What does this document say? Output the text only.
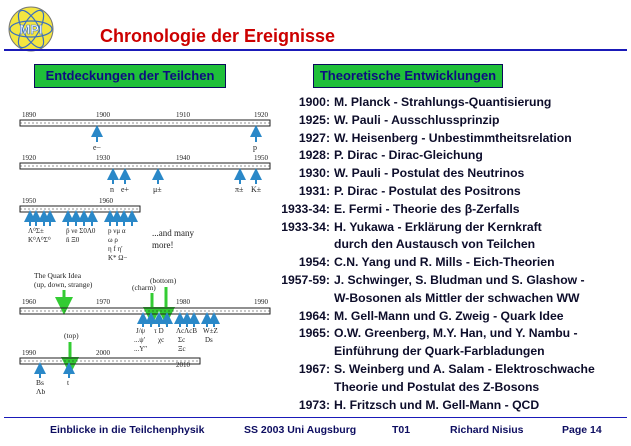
MPI	Chronologie der Ereignisse
Entdeckungen der Teilchen	Theoretische Entwicklungen
1890	1900	1910	1920
e−	p
1920	1930	1940	1950
n e+	μ±	π± K±
1950	1960
Λ⁰Σ±
K⁰Λ⁰Σ⁰
p̄ νe Σ0Λ0
n̄ Ξ0
p νμ α
ω ρ
η f η′
K* Ω−
...and many
more!
The Quark Idea
(up, down, strange)	(bottom)
(charm)
1960	1970	1980	1990
J/ψ τ D ΛcΛcB W±Z
...ψ′ χc Σc	Ds
...Υ′′	Ξc
(top)
1990	2000
2010
Bs
Λb
t
1900: M. Planck - Strahlungs-Quantisierung
1925: W. Pauli - Ausschlussprinzip
1927: W. Heisenberg - Unbestimmtheitsrelation
1928: P. Dirac - Dirac-Gleichung
1930: W. Pauli - Postulat des Neutrinos
1931: P. Dirac - Postulat des Positrons
1933-34: E. Fermi - Theorie des β-Zerfalls
1933-34: H. Yukawa - Erklärung der Kernkraft
durch den Austausch von Teilchen
1954: C.N. Yang und R. Mills - Eich-Theorien
1957-59: J. Schwinger, S. Bludman und S. Glashow -
W-Bosonen als Mittler der schwachen WW
1964: M. Gell-Mann und G. Zweig - Quark Idee
1965: O.W. Greenberg, M.Y. Han, und Y. Nambu -
Einführung der Quark-Farbladungen
1967: S. Weinberg und A. Salam - Elektroschwache
Theorie und Postulat des Z-Bosons
1973: H. Fritzsch und M. Gell-Mann - QCD
Einblicke in die Teilchenphysik	SS 2003 Uni Augsburg	T01	Richard Nisius	Page 14
